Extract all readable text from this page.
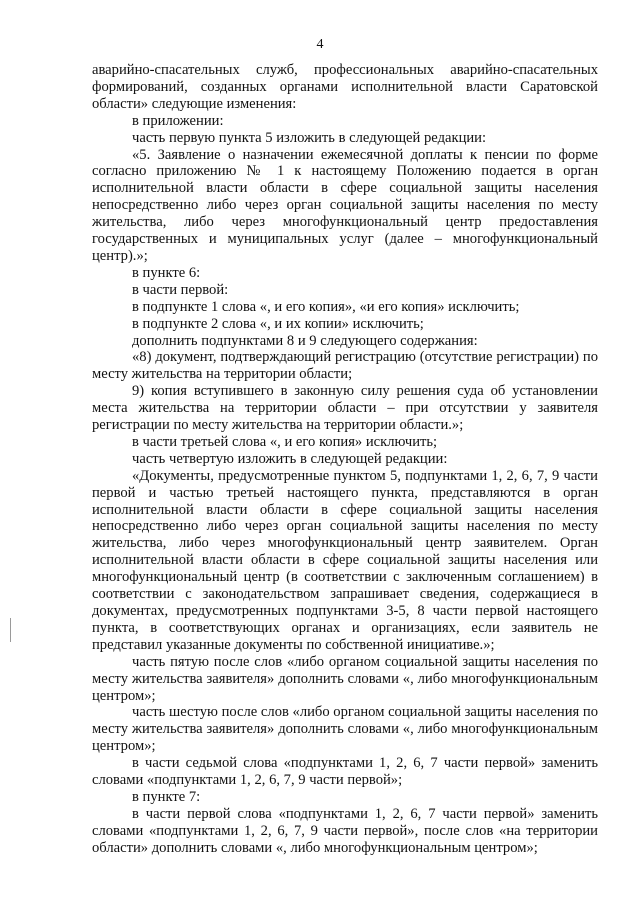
4

аварийно-спасательных служб, профессиональных аварийно-спасательных формирований, созданных органами исполнительной власти Саратовской области» следующие изменения:

в приложении:

часть первую пункта 5 изложить в следующей редакции:

«5. Заявление о назначении ежемесячной доплаты к пенсии по форме согласно приложению № 1 к настоящему Положению подается в орган исполнительной власти области в сфере социальной защиты населения непосредственно либо через орган социальной защиты населения по месту жительства, либо через многофункциональный центр предоставления государственных и муниципальных услуг (далее – многофункциональный центр).»;

в пункте 6:

в части первой:

в подпункте 1 слова «, и его копия», «и его копия» исключить;

в подпункте 2 слова «, и их копии» исключить;

дополнить подпунктами 8 и 9 следующего содержания:

«8) документ, подтверждающий регистрацию (отсутствие регистрации) по месту жительства на территории области;

9) копия вступившего в законную силу решения суда об установлении места жительства на территории области – при отсутствии у заявителя регистрации по месту жительства на территории области.»;

в части третьей слова «, и его копия» исключить;

часть четвертую изложить в следующей редакции:

«Документы, предусмотренные пунктом 5, подпунктами 1, 2, 6, 7, 9 части первой и частью третьей настоящего пункта, представляются в орган исполнительной власти области в сфере социальной защиты населения непосредственно либо через орган социальной защиты населения по месту жительства, либо через многофункциональный центр заявителем. Орган исполнительной власти области в сфере социальной защиты населения или многофункциональный центр (в соответствии с заключенным соглашением) в соответствии с законодательством запрашивает сведения, содержащиеся в документах, предусмотренных подпунктами 3-5, 8 части первой настоящего пункта, в соответствующих органах и организациях, если заявитель не представил указанные документы по собственной инициативе.»;

часть пятую после слов «либо органом социальной защиты населения по месту жительства заявителя» дополнить словами «, либо многофункциональным центром»;

часть шестую после слов «либо органом социальной защиты населения по месту жительства заявителя» дополнить словами «, либо многофункциональным центром»;

в части седьмой слова «подпунктами 1, 2, 6, 7 части первой» заменить словами «подпунктами 1, 2, 6, 7, 9 части первой»;

в пункте 7:

в части первой слова «подпунктами 1, 2, 6, 7 части первой» заменить словами «подпунктами 1, 2, 6, 7, 9 части первой», после слов «на территории области» дополнить словами «, либо многофункциональным центром»;
